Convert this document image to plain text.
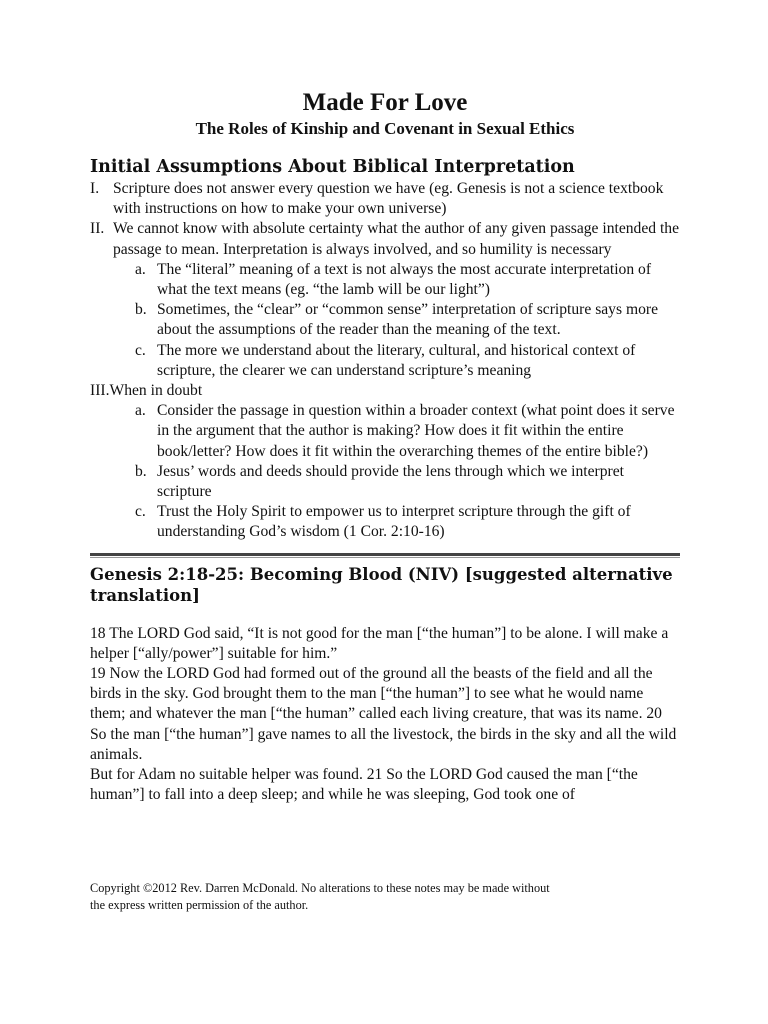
Made For Love
The Roles of Kinship and Covenant in Sexual Ethics
Initial Assumptions About Biblical Interpretation
I. Scripture does not answer every question we have (eg. Genesis is not a science textbook with instructions on how to make your own universe)
II. We cannot know with absolute certainty what the author of any given passage intended the passage to mean. Interpretation is always involved, and so humility is necessary
a. The “literal” meaning of a text is not always the most accurate interpretation of what the text means (eg. “the lamb will be our light”)
b. Sometimes, the “clear” or “common sense” interpretation of scripture says more about the assumptions of the reader than the meaning of the text.
c. The more we understand about the literary, cultural, and historical context of scripture, the clearer we can understand scripture’s meaning
III.When in doubt
a. Consider the passage in question within a broader context (what point does it serve in the argument that the author is making? How does it fit within the entire book/letter? How does it fit within the overarching themes of the entire bible?)
b. Jesus’ words and deeds should provide the lens through which we interpret scripture
c. Trust the Holy Spirit to empower us to interpret scripture through the gift of understanding God’s wisdom (1 Cor. 2:10-16)
Genesis 2:18-25: Becoming Blood (NIV) [suggested alternative translation]

18 The LORD God said, “It is not good for the man [“the human”] to be alone. I will make a helper [“ally/power”] suitable for him.”

19 Now the LORD God had formed out of the ground all the beasts of the field and all the birds in the sky. God brought them to the man [“the human”] to see what he would name them; and whatever the man [“the human” called each living creature, that was its name. 20 So the man [“the human”] gave names to all the livestock, the birds in the sky and all the wild animals.

But for Adam no suitable helper was found. 21 So the LORD God caused the man [“the human”] to fall into a deep sleep; and while he was sleeping, God took one of

Copyright ©2012 Rev. Darren McDonald. No alterations to these notes may be made without
the express written permission of the author.
